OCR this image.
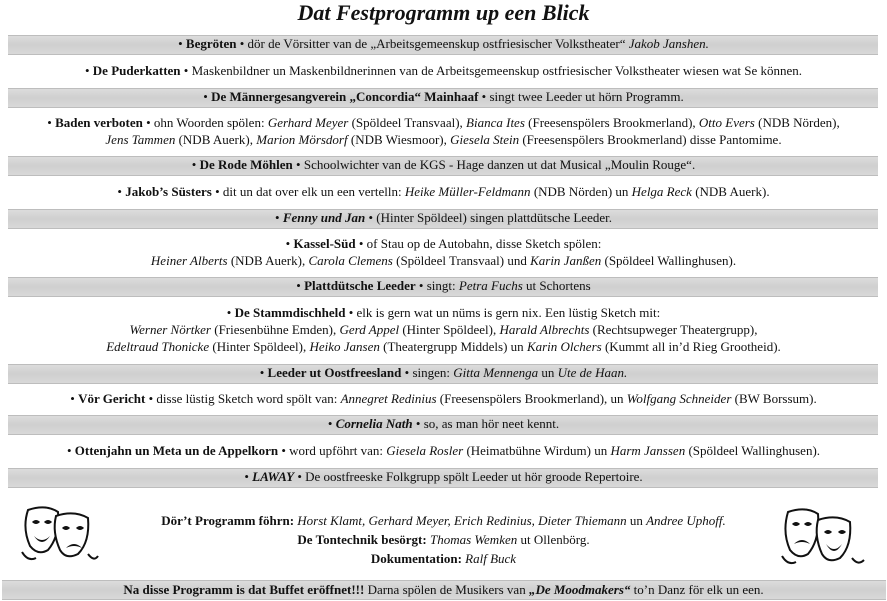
Dat Festprogramm up een Blick
• Begröten • dör de Vörsitter van de „Arbeitsgemeenskup ostfriesischer Volkstheater“ Jakob Janshen.
• De Puderkatten • Maskenbildner un Maskenbildnerinnen van de Arbeitsgemeenskup ostfriesischer Volkstheater wiesen wat Se können.
• De Männergesangverein „Concordia“ Mainhaaf • singt twee Leeder ut hörn Programm.
• Baden verboten • ohn Woorden spölen: Gerhard Meyer (Spöldeel Transvaal), Bianca Ites (Freesenspölers Brookmerland), Otto Evers (NDB Nörden),
Jens Tammen (NDB Auerk), Marion Mörsdorf (NDB Wiesmoor), Giesela Stein (Freesenspölers Brookmerland) disse Pantomime.
• De Rode Möhlen • Schoolwichter van de KGS - Hage danzen ut dat Musical „Moulin Rouge“.
• Jakob’s Süsters • dit un dat over elk un een vertelln: Heike Müller-Feldmann (NDB Nörden) un Helga Reck (NDB Auerk).
• Fenny und Jan • (Hinter Spöldeel) singen plattdütsche Leeder.
• Kassel-Süd • of Stau op de Autobahn, disse Sketch spölen:
Heiner Alberts (NDB Auerk), Carola Clemens (Spöldeel Transvaal) und Karin Janßen (Spöldeel Wallinghusen).
• Plattdütsche Leeder • singt: Petra Fuchs ut Schortens
• De Stammdischheld • elk is gern wat un nüms is gern nix. Een lüstig Sketch mit:
Werner Nörtker (Friesenbühne Emden), Gerd Appel (Hinter Spöldeel), Harald Albrechts (Rechtsupweger Theatergrupp),
Edeltraud Thonicke (Hinter Spöldeel), Heiko Jansen (Theatergrupp Middels) un Karin Olchers (Kummt all in’d Rieg Grootheid).
• Leeder ut Oostfreesland • singen: Gitta Mennenga un Ute de Haan.
• Vör Gericht • disse lüstig Sketch word spölt van: Annegret Redinius (Freesenspölers Brookmerland), un Wolfgang Schneider (BW Borssum).
• Cornelia Nath • so, as man hör neet kennt.
• Ottenjahn un Meta un de Appelkorn • word upföhrt van: Giesela Rosler (Heimatbühne Wirdum) un Harm Janssen (Spöldeel Wallinghusen).
• LAWAY • De oostfreeske Folkgrupp spölt Leeder ut hör groode Repertoire.
Dör’t Programm föhrn: Horst Klamt, Gerhard Meyer, Erich Redinius, Dieter Thiemann un Andree Uphoff.
De Tontechnik besörgt: Thomas Wemken ut Ollenbörg.
Dokumentation: Ralf Buck
Na disse Programm is dat Buffet eröffnet!!! Darna spölen de Musikers van „De Moodmakers“ to’n Danz för elk un een.
